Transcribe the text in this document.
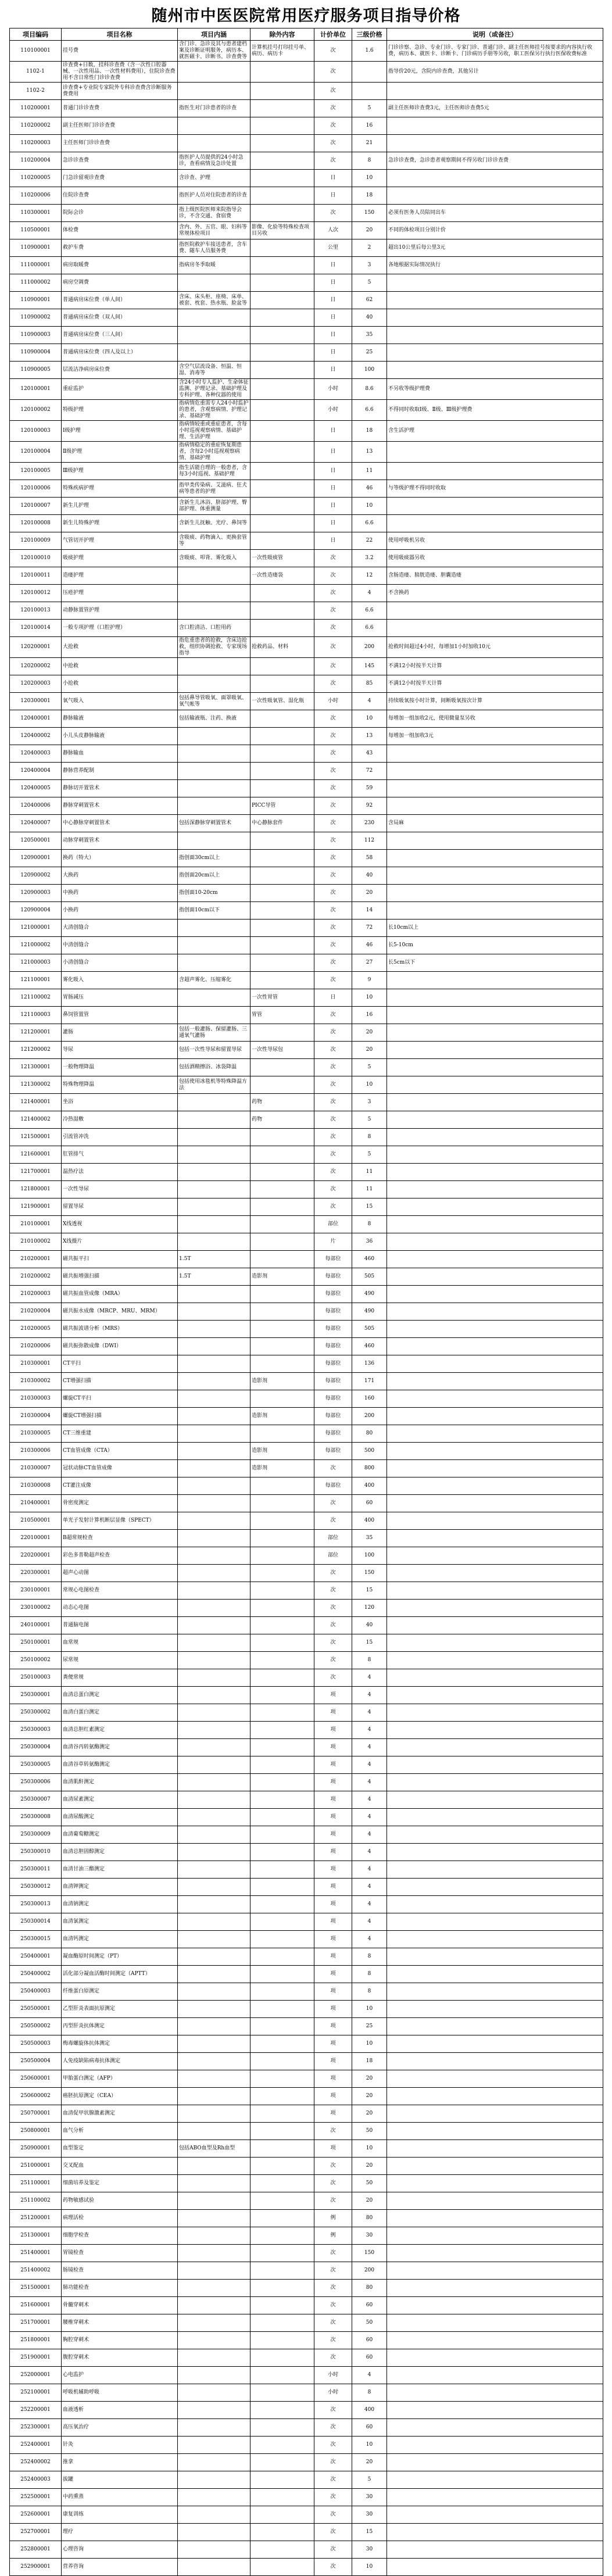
随州市中医医院常用医疗服务项目指导价格
项目编码	项目名称	项目内涵	除外内容	计价单位	三级价格	说明（或备注）
110100001	挂号费	含门诊、急诊及其与患者建档案及诊断证明服务，病历本、就医磁卡、诊断书、诊查费等	计算机挂号打印挂号单、病历、病历卡	次	1.6	门诊诊察、急诊、专业门诊、专家门诊、普通门诊、副主任医师挂号按要求的内容执行收费，病历本、就医卡、诊断卡、门诊病历手册等另收，职工医保另行执行医保收费标准
1102-1	诊查费+日数，挂科诊查费（含一次性口腔器械、一次性用品、一次性材料费用），住院诊查费用不含日常性门诊诊查费			次		指导价20元，含院内诊查费，其他另计
1102-2	诊查费+专业院专家院外专科诊查费含诊断服务费费用			次		
110200001	普通门诊诊查费	指医生对门诊患者的诊查		次	5	副主任医师诊查费3元，主任医师诊查费5元
110200002	副主任医师门诊诊查费			次	16	
110200003	主任医师门诊诊查费			次	21	
110200004	急诊诊查费	指医护人员提供的24小时急诊，查看病情及急诊处置		次	8	急诊诊查费，急诊患者观察期间不得另收门诊诊查费
110200005	门急诊留观诊查费	含诊查、护理		日	10	
110200006	住院诊查费	指医护人员对住院患者的诊查		日	18	
110300001	院际会诊	指上级医院医师来院指导会诊，不含交通、食宿费		次	150	必须有医务人员陪同出车
110500001	体检费	含内、外、五官、眼、妇科等常规体检项目	影像、化验等特殊检查项目另收	人次	20	不同的体检项目分别计价
110900001	救护车费	指医院救护车接送患者，含车费、随车人员服务费		公里	2	超出10公里后每公里3元
111000001	病房取暖费	指病房冬季取暖		日	3	各地根据实际情况执行
111000002	病房空调费			日	5	
110900001	普通病房床位费（单人间）	含床、床头柜、座椅、床单、被套、枕套、热水瓶、脸盆等		日	62	
110900002	普通病房床位费（双人间）			日	40	
110900003	普通病房床位费（三人间）			日	35	
110900004	普通病房床位费（四人及以上）			日	25	
110900005	层流洁净病房床位费	含空气层流设备、恒温、恒湿、消毒等		日	100	
120100001	重症监护	含24小时专人监护、生命体征监测、护理记录、基础护理及专科护理、各种仪器的使用		小时	8.6	不另收等级护理费
120100002	特级护理	指病情危重需专人24小时监护的患者，含观察病情、护理记录、基础护理		小时	6.6	不得同时收取Ⅰ级、Ⅱ级、Ⅲ级护理费
120100003	Ⅰ级护理	指病情较重或重症患者，含每小时巡视观察病情、基础护理、生活护理		日	18	含生活护理
120100004	Ⅱ级护理	指病情稳定的重症恢复期患者，含每2小时巡视观察病情、基础护理		日	13	
120100005	Ⅲ级护理	指生活能自理的一般患者，含每3小时巡视、基础护理		日	11	
120100006	特殊疾病护理	指甲类传染病、艾滋病、狂犬病等患者的护理		日	46	与等级护理不得同时收取
120100007	新生儿护理	含新生儿沐浴、脐部护理、臀部护理、体重测量		日	10	
120100008	新生儿特殊护理	含新生儿抚触、光疗、鼻饲等		日	6.6	
120100009	气管切开护理	含吸痰、药物滴入、更换套管等		日	22	使用呼吸机另收
120100010	吸痰护理	含吸痰、叩背、雾化吸入	一次性吸痰管	次	3.2	使用吸痰器另收
120100011	造瘘护理		一次性造瘘袋	次	12	含肠造瘘、膀胱造瘘、胆囊造瘘
120100012	压疮护理			次	4	不含换药
120100013	动静脉置管护理			次	6.6	
120100014	一般专项护理（口腔护理）	含口腔清洁、口腔用药		次	6.6	
120200001	大抢救	指危重患者的抢救，含床边抢救，组织协调抢救、专家现场指导	抢救药品、材料	次	200	抢救时间超过4小时，每增加1小时加收10元
120200002	中抢救			次	145	不满12小时按半天计算
120200003	小抢救			次	85	不满12小时按半天计算
120300001	氧气吸入	包括鼻导管吸氧、面罩吸氧、氧气帐等	一次性吸氧管、湿化瓶	小时	4	持续吸氧按小时计算，间断吸氧按次计算
120400001	静脉输液	包括输液瓶、注药、换液		次	10	每增加一组加收2元，使用微量泵另收
120400002	小儿头皮静脉输液			次	13	每增加一组加收3元
120400003	静脉输血			次	43	
120400004	静脉营养配制			次	72	
120400005	静脉切开置管术			次	59	
120400006	静脉穿刺置管术		PICC导管	次	92	
120400007	中心静脉穿刺置管术	包括深静脉穿刺置管术	中心静脉套件	次	230	含局麻
120500001	动脉穿刺置管术			次	112	
120900001	换药（特大）	指创面30cm以上		次	58	
120900002	大换药	指创面20cm以上		次	40	
120900003	中换药	指创面10-20cm		次	20	
120900004	小换药	指创面10cm以下		次	14	
121000001	大清创缝合			次	72	长10cm以上
121000002	中清创缝合			次	46	长5-10cm
121000003	小清创缝合			次	27	长5cm以下
121100001	雾化吸入	含超声雾化、压缩雾化		次	9	
121100002	胃肠减压		一次性胃管	日	10	
121100003	鼻饲管置管		胃管	次	16	
121200001	灌肠	包括一般灌肠、保留灌肠、三通氧气灌肠		次	20	
121200002	导尿	包括一次性导尿和留置导尿	一次性导尿包	次	20	
121300001	一般物理降温	包括酒精擦浴、冰袋降温		次	5	
121300002	特殊物理降温	包括使用冰毯机等特殊降温方法		次	10	
121400001	坐浴		药物	次	3	
121400002	冷热湿敷		药物	次	5	
121500001	引流管冲洗			次	8	
121600001	肛管排气			次	5	
121700001	温热疗法			次	11	
121800001	一次性导尿			次	11	
121900001	留置导尿			次	15	
210100001	X线透视			部位	8	
210100002	X线摄片			片	36	
210200001	磁共振平扫	1.5T		每部位	460	
210200002	磁共振增强扫描	1.5T	造影剂	每部位	505	
210200003	磁共振血管成像（MRA）			每部位	490	
210200004	磁共振水成像（MRCP、MRU、MRM）			每部位	490	
210200005	磁共振波谱分析（MRS）			每部位	505	
210200006	磁共振弥散成像（DWI）			每部位	460	
210300001	CT平扫			每部位	136	
210300002	CT增强扫描		造影剂	每部位	171	
210300003	螺旋CT平扫			每部位	160	
210300004	螺旋CT增强扫描		造影剂	每部位	200	
210300005	CT三维重建			每部位	80	
210300006	CT血管成像（CTA）		造影剂	每部位	500	
210300007	冠状动脉CT血管成像		造影剂	次	800	
210300008	CT灌注成像			每部位	400	
210400001	骨密度测定			次	60	
210500001	单光子发射计算机断层显像（SPECT）			次	400	
220100001	B超常规检查			部位	35	
220200001	彩色多普勒超声检查			部位	100	
220300001	超声心动图			次	150	
230100001	常规心电图检查			次	15	
230100002	动态心电图			次	120	
240100001	普通脑电图			次	40	
250100001	血常规			次	15	
250100002	尿常规			次	8	
250100003	粪便常规			次	4	
250300001	血清总蛋白测定			项	4	
250300002	血清白蛋白测定			项	4	
250300003	血清总胆红素测定			项	4	
250300004	血清谷丙转氨酶测定			项	4	
250300005	血清谷草转氨酶测定			项	4	
250300006	血清肌酐测定			项	4	
250300007	血清尿素测定			项	4	
250300008	血清尿酸测定			项	4	
250300009	血清葡萄糖测定			项	4	
250300010	血清总胆固醇测定			项	4	
250300011	血清甘油三酯测定			项	4	
250300012	血清钾测定			项	4	
250300013	血清钠测定			项	4	
250300014	血清氯测定			项	4	
250300015	血清钙测定			项	4	
250400001	凝血酶原时间测定（PT）			项	8	
250400002	活化部分凝血活酶时间测定（APTT）			项	8	
250400003	纤维蛋白原测定			项	8	
250500001	乙型肝炎表面抗原测定			项	10	
250500002	丙型肝炎抗体测定			项	25	
250500003	梅毒螺旋体抗体测定			项	10	
250500004	人免疫缺陷病毒抗体测定			项	18	
250600001	甲胎蛋白测定（AFP）			项	20	
250600002	癌胚抗原测定（CEA）			项	20	
250700001	血清促甲状腺激素测定			项	20	
250800001	血气分析			次	50	
250900001	血型鉴定	包括ABO血型及Rh血型		项	10	
251000001	交叉配血			次	20	
251100001	细菌培养及鉴定			次	50	
251100002	药物敏感试验			次	20	
251200001	病理活检			例	80	
251300001	细胞学检查			例	30	
251400001	胃镜检查			次	150	
251400002	肠镜检查			次	200	
251500001	肺功能检查			次	80	
251600001	骨髓穿刺术			次	60	
251700001	腰椎穿刺术			次	50	
251800001	胸腔穿刺术			次	60	
251900001	腹腔穿刺术			次	60	
252000001	心电监护			小时	4	
252100001	呼吸机辅助呼吸			小时	8	
252200001	血液透析			次	400	
252300001	高压氧治疗			次	60	
252400001	针灸			次	10	
252400002	推拿			次	20	
252400003	拔罐			次	5	
252500001	中药熏蒸			次	30	
252600001	康复训练			次	30	
252700001	理疗			次	15	
252800001	心理咨询			次	30	
252900001	营养咨询			次	10	
